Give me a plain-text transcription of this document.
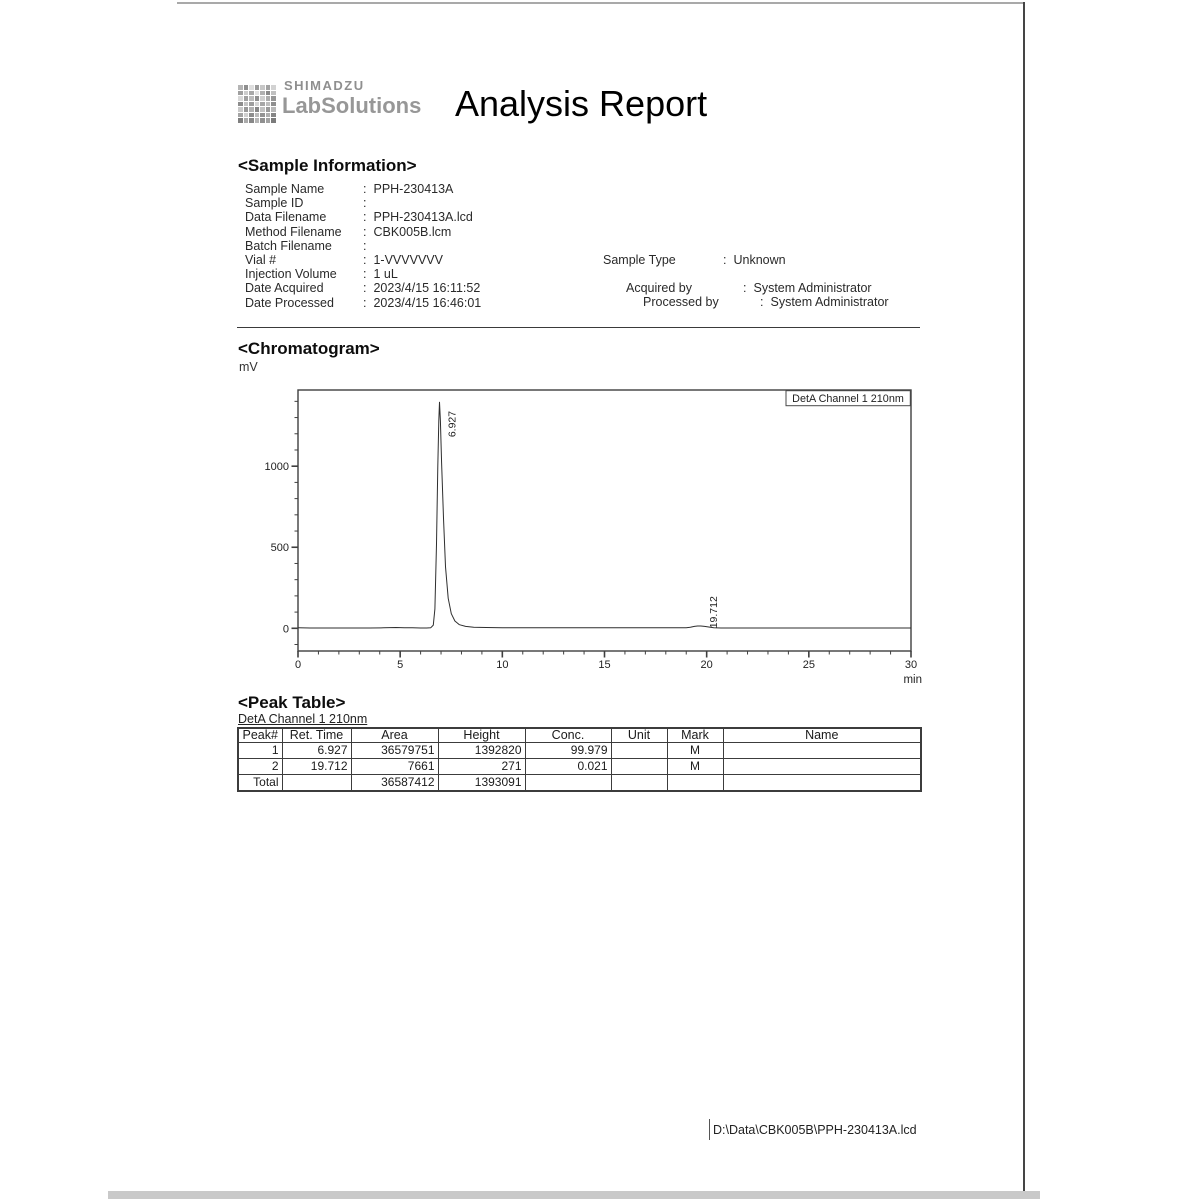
SHIMADZU
LabSolutions Analysis Report
<Sample Information>
Sample Name	: PPH-230413A
Sample ID	:
Data Filename	: PPH-230413A.lcd
Method Filename	: CBK005B.lcm
Batch Filename	:
Vial #	: 1-VVVVVVV
Injection Volume	: 1 uL
Date Acquired	: 2023/4/15 16:11:52
Date Processed	: 2023/4/15 16:46:01
<Chromatogram>
mV
0
500
1000
0	5	10	15	20	25	30
min
6.927
19.712
DetA Channel 1 210nm
<Peak Table>
DetA Channel 1 210nm
Peak#	Ret. Time	Area	Height	Conc.	Unit	Mark	Name
1	6.927	36579751	1392820	99.979		M	
2	19.712	7661	271	0.021		M	
Total		36587412	1393091				
D:\Data\CBK005B\PPH-230413A.lcd
Sample Type	: Unknown
Acquired by	: System Administrator
Processed by	: System Administrator
